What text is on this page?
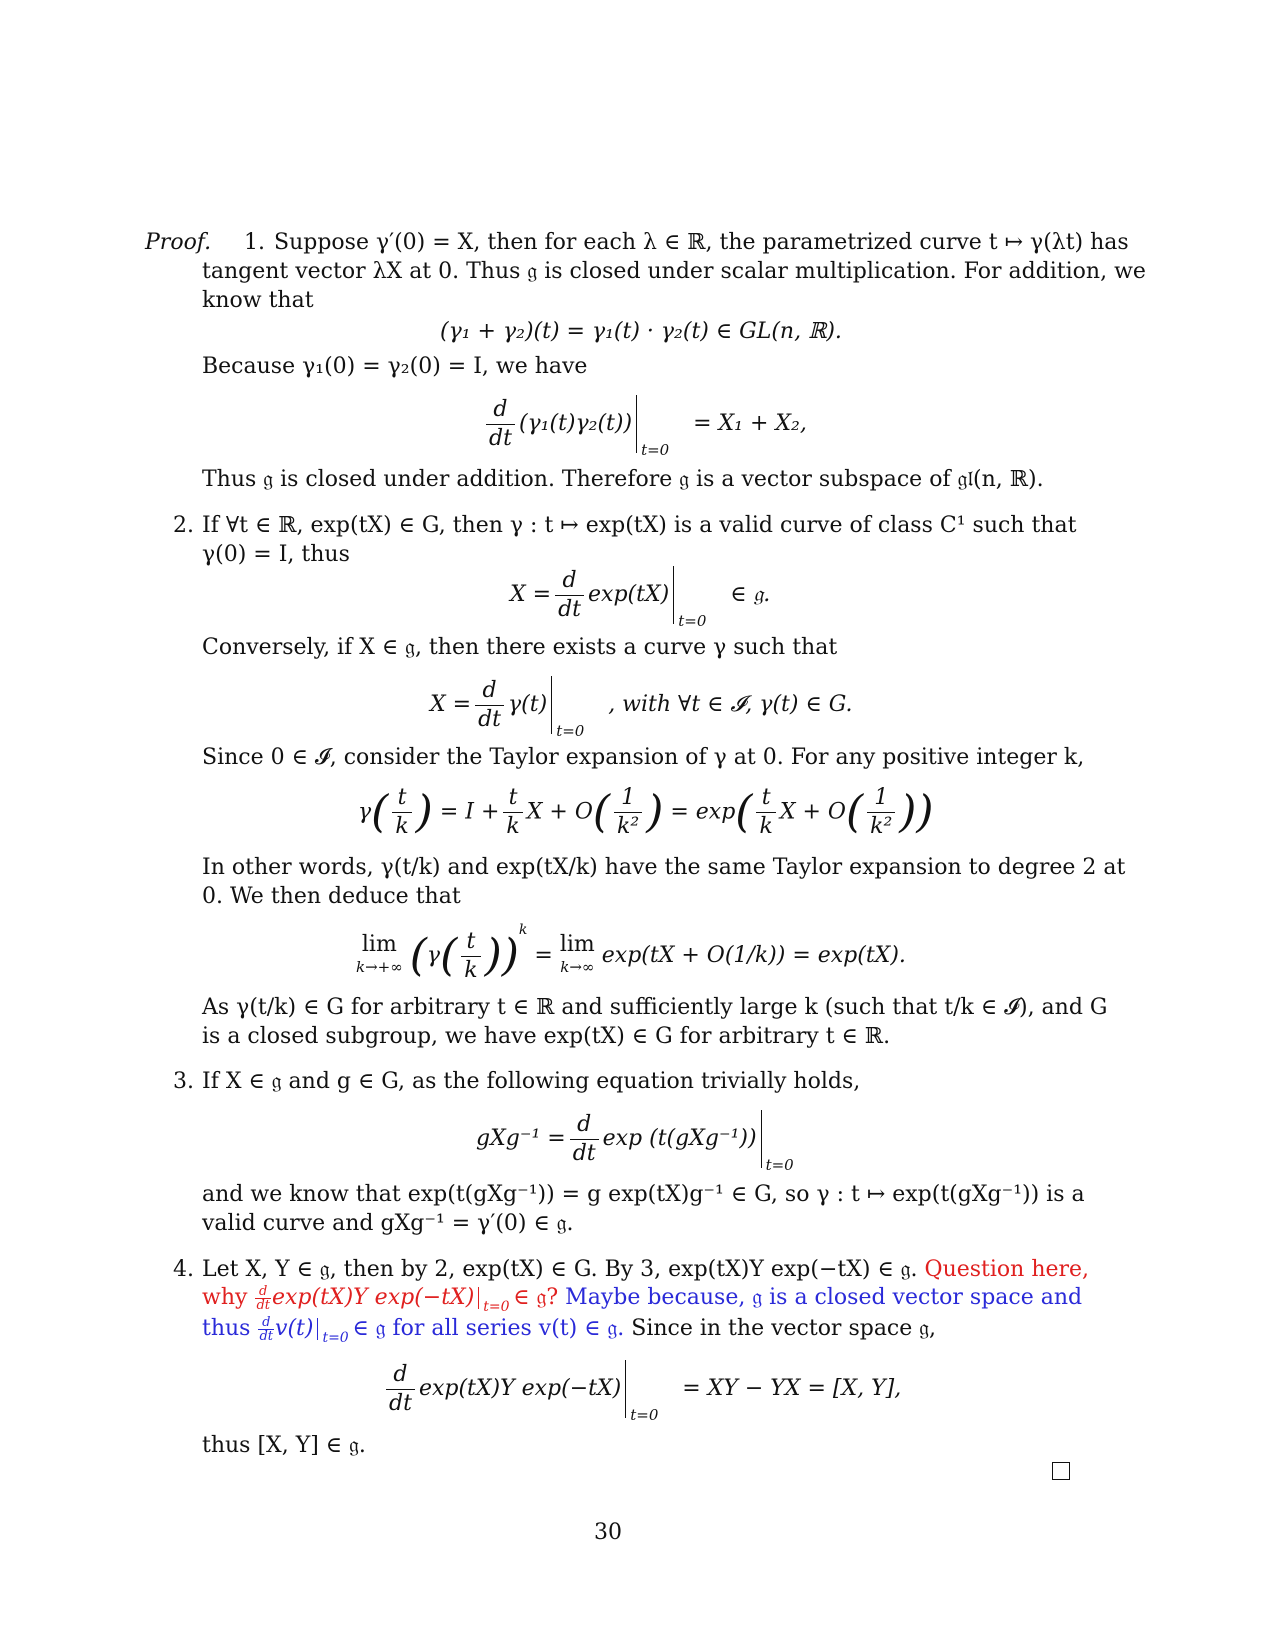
Proof. 1. Suppose γ′(0) = X, then for each λ ∈ ℝ, the parametrized curve t ↦ γ(λt) has
tangent vector λX at 0. Thus 𝔤 is closed under scalar multiplication. For addition, we
know that
(γ₁ + γ₂)(t) = γ₁(t) · γ₂(t) ∈ GL(n, ℝ).
Because γ₁(0) = γ₂(0) = I, we have
$\frac{d}{dt} (\gamma_1(t)\gamma_2(t))$
t=0
= X₁ + X₂,
Thus 𝔤 is closed under addition. Therefore 𝔤 is a vector subspace of 𝔤𝔩(n, ℝ).
2. If ∀t ∈ ℝ, exp(tX) ∈ G, then γ : t ↦ exp(tX) is a valid curve of class C¹ such that
γ(0) = I, thus
$X = \frac{d}{dt} \exp(tX)$
t=0
∈ 𝔤.
Conversely, if X ∈ 𝔤, then there exists a curve γ such that
$X = \frac{d}{dt} \gamma(t)$
t=0
, with ∀t ∈ 𝓘, γ(t) ∈ G.
Since 0 ∈ 𝓘, consider the Taylor expansion of γ at 0. For any positive integer k,
$\gamma( \frac{t}{k}$ ) = $I + \frac{t}{k}$ $X + O( \frac{1}{\text{k²}}$ ) = $\exp( \frac{t}{k}$ $X + O( \frac{1}{\text{k²}}$ ))
In other words, γ(t/k) and exp(tX/k) have the same Taylor expansion to degree 2 at
0. We then deduce that
lim
k→+∞ $(\gamma( \frac{t}{k} ))^k = \lim$
k→∞ exp(tX + O(1/k)) = exp(tX).
As γ(t/k) ∈ G for arbitrary t ∈ ℝ and sufficiently large k (such that t/k ∈ 𝓘), and G
is a closed subgroup, we have exp(tX) ∈ G for arbitrary t ∈ ℝ.
3. If X ∈ 𝔤 and g ∈ G, as the following equation trivially holds,
$gXg^{-1} = \frac{d}{dt}$ exp (t(gXg⁻¹))
t=0
and we know that exp(t(gXg⁻¹)) = g exp(tX)g⁻¹ ∈ G, so γ : t ↦ exp(t(gXg⁻¹)) is a
valid curve and gXg⁻¹ = γ′(0) ∈ 𝔤.
4. Let X, Y ∈ 𝔤, then by 2, exp(tX) ∈ G. By 3, exp(tX)Y exp(−tX) ∈ 𝔤. Question here,
why $\frac{d}{dt} \exp(tX)Y$ exp(−tX) t=0 ∈ 𝔤? Maybe because, 𝔤 is a closed vector space and
thus $\frac{d}{dt} v(t)$ t=0 ∈ 𝔤 for all series v(t) ∈ 𝔤. Since in the vector space 𝔤,
$\frac{d}{dt} \exp(tX)Y$ exp(−tX)
t=0
= XY − YX = [X, Y],
thus [X, Y] ∈ 𝔤.
30
